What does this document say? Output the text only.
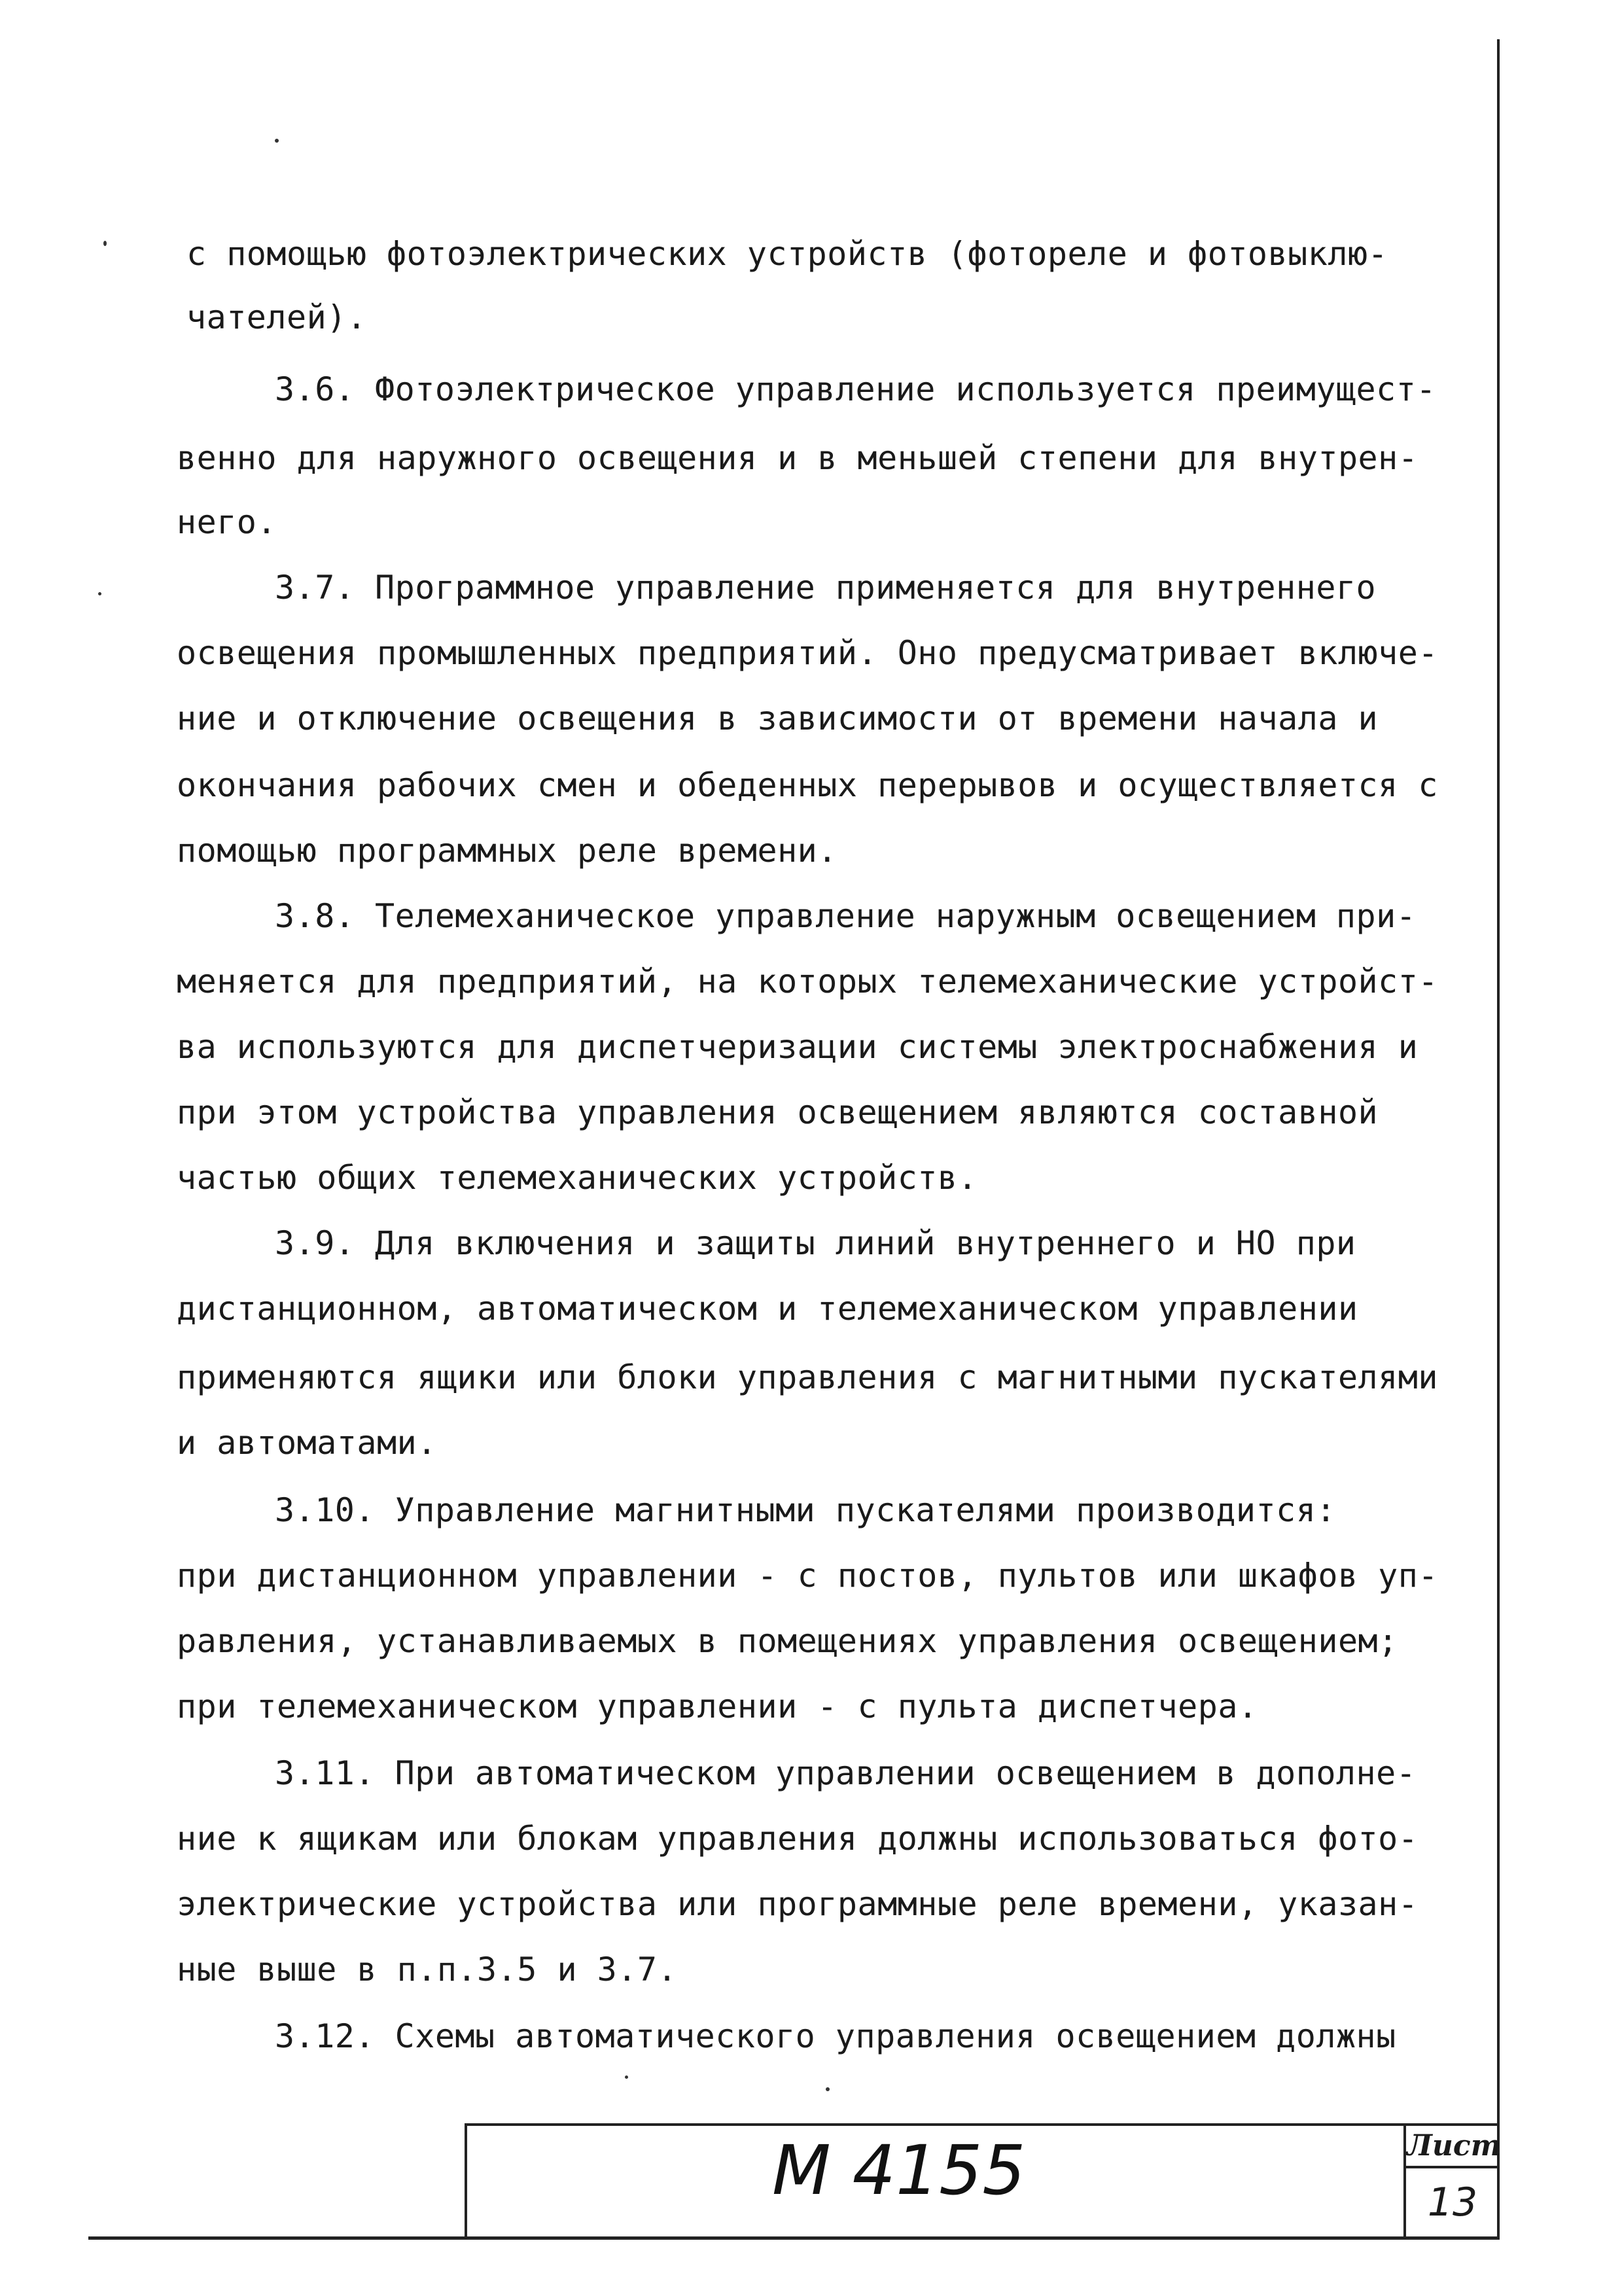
с помощью фотоэлектрических устройств (фотореле и фотовыклю-
чателей).
3.6. Фотоэлектрическое управление используется преимущест-
венно для наружного освещения и в меньшей степени для внутрен-
него.
3.7. Программное управление применяется для внутреннего
освещения промышленных предприятий. Оно предусматривает включе-
ние и отключение освещения в зависимости от времени начала и
окончания рабочих смен и обеденных перерывов и осуществляется с
помощью программных реле времени.
3.8. Телемеханическое управление наружным освещением при-
меняется для предприятий, на которых телемеханические устройст-
ва используются для диспетчеризации системы электроснабжения и
при этом устройства управления освещением являются составной
частью общих телемеханических устройств.
3.9. Для включения и защиты линий внутреннего и НО при
дистанционном, автоматическом и телемеханическом управлении
применяются ящики или блоки управления с магнитными пускателями
и автоматами.
3.10. Управление магнитными пускателями производится:
при дистанционном управлении - с постов, пультов или шкафов уп-
равления, устанавливаемых в помещениях управления освещением;
при телемеханическом управлении - с пульта диспетчера.
3.11. При автоматическом управлении освещением в дополне-
ние к ящикам или блокам управления должны использоваться фото-
электрические устройства или программные реле времени, указан-
ные выше в п.п.3.5 и 3.7.
3.12. Схемы автоматического управления освещением должны
М 4155	Лист
13
